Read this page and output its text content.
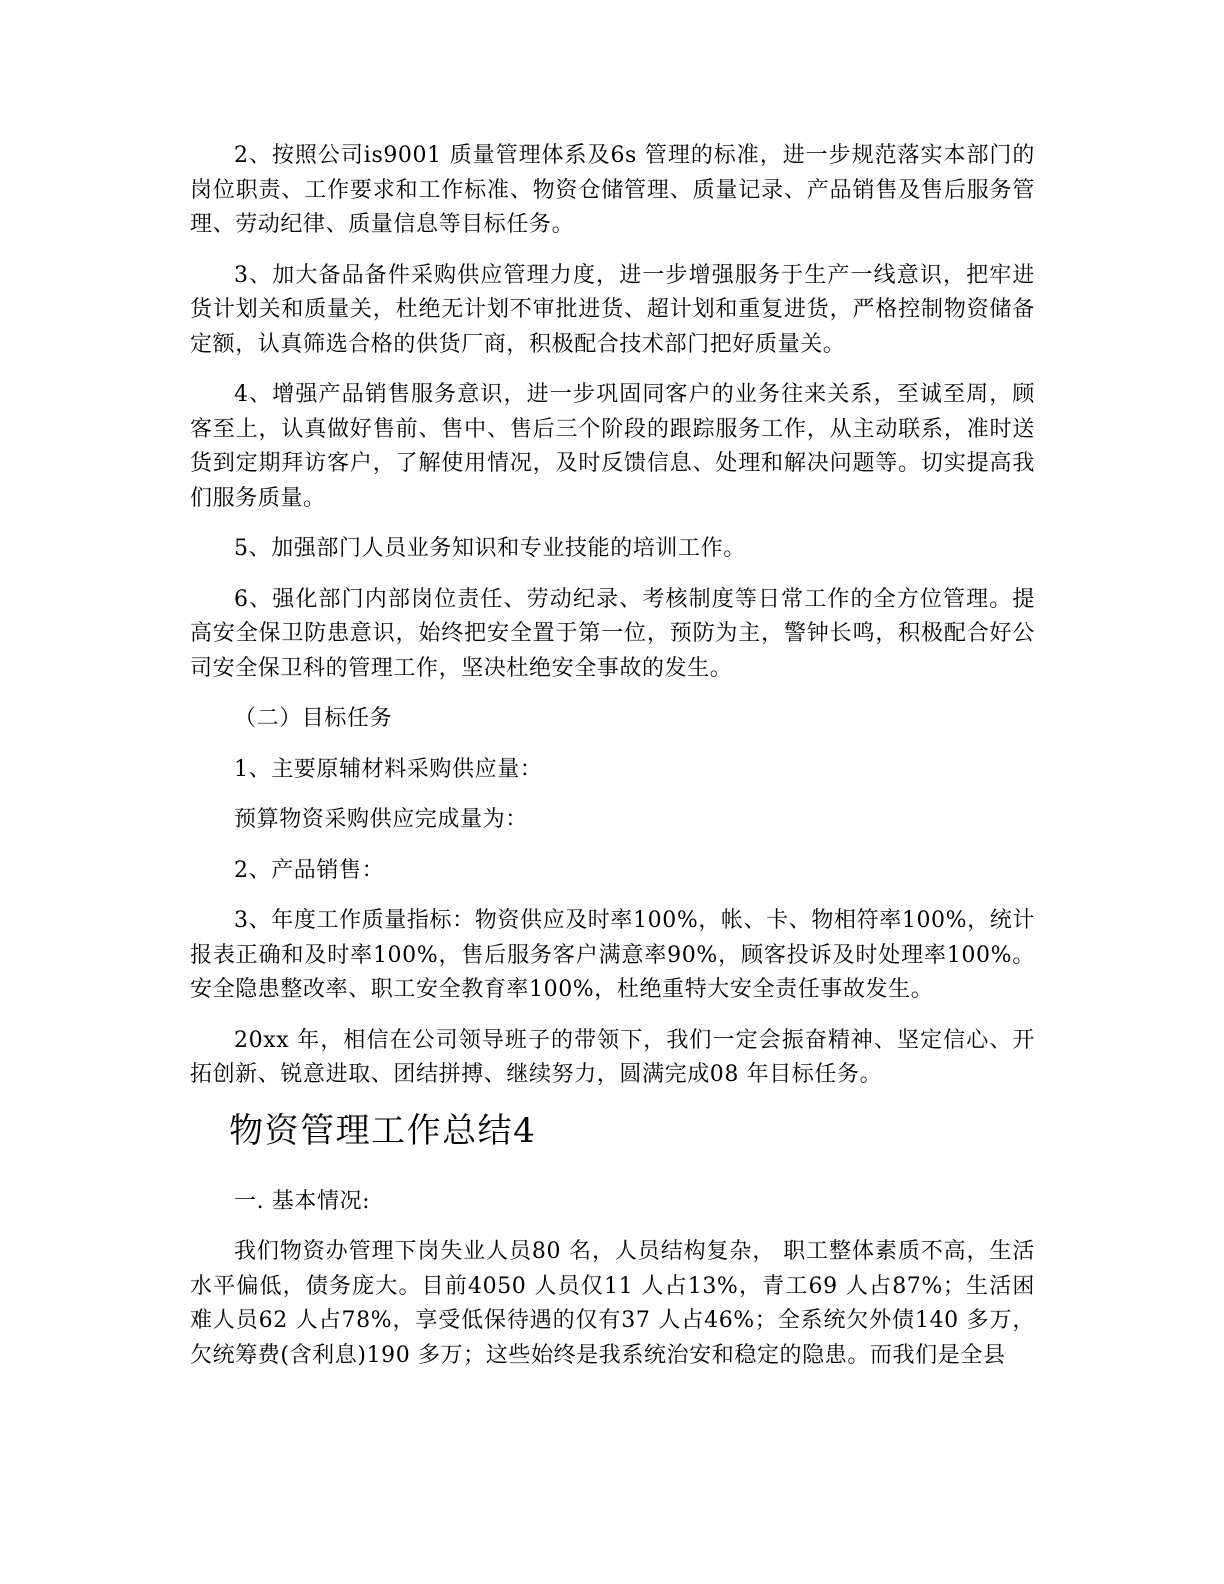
2、按照公司is9001 质量管理体系及6s 管理的标准，进一步规范落实本部门的岗位职责、工作要求和工作标准、物资仓储管理、质量记录、产品销售及售后服务管理、劳动纪律、质量信息等目标任务。

3、加大备品备件采购供应管理力度，进一步增强服务于生产一线意识，把牢进货计划关和质量关，杜绝无计划不审批进货、超计划和重复进货，严格控制物资储备定额，认真筛选合格的供货厂商，积极配合技术部门把好质量关。

4、增强产品销售服务意识，进一步巩固同客户的业务往来关系，至诚至周，顾客至上，认真做好售前、售中、售后三个阶段的跟踪服务工作，从主动联系，准时送货到定期拜访客户，了解使用情况，及时反馈信息、处理和解决问题等。切实提高我们服务质量。

5、加强部门人员业务知识和专业技能的培训工作。

6、强化部门内部岗位责任、劳动纪录、考核制度等日常工作的全方位管理。提高安全保卫防患意识，始终把安全置于第一位，预防为主，警钟长鸣，积极配合好公司安全保卫科的管理工作，坚决杜绝安全事故的发生。

（二）目标任务

1、主要原辅材料采购供应量：

预算物资采购供应完成量为：

2、产品销售：

3、年度工作质量指标：物资供应及时率100%，帐、卡、物相符率100%，统计报表正确和及时率100%，售后服务客户满意率90%，顾客投诉及时处理率100%。安全隐患整改率、职工安全教育率100%，杜绝重特大安全责任事故发生。

20xx 年，相信在公司领导班子的带领下，我们一定会振奋精神、坚定信心、开拓创新、锐意进取、团结拼搏、继续努力，圆满完成08 年目标任务。

物资管理工作总结4

一. 基本情况:

我们物资办管理下岗失业人员80 名，人员结构复杂， 职工整体素质不高，生活水平偏低，债务庞大。目前4050 人员仅11 人占13%，青工69 人占87%；生活困难人员62 人占78%，享受低保待遇的仅有37 人占46%；全系统欠外债140 多万，欠统筹费(含利息)190 多万；这些始终是我系统治安和稳定的隐患。而我们是全县
